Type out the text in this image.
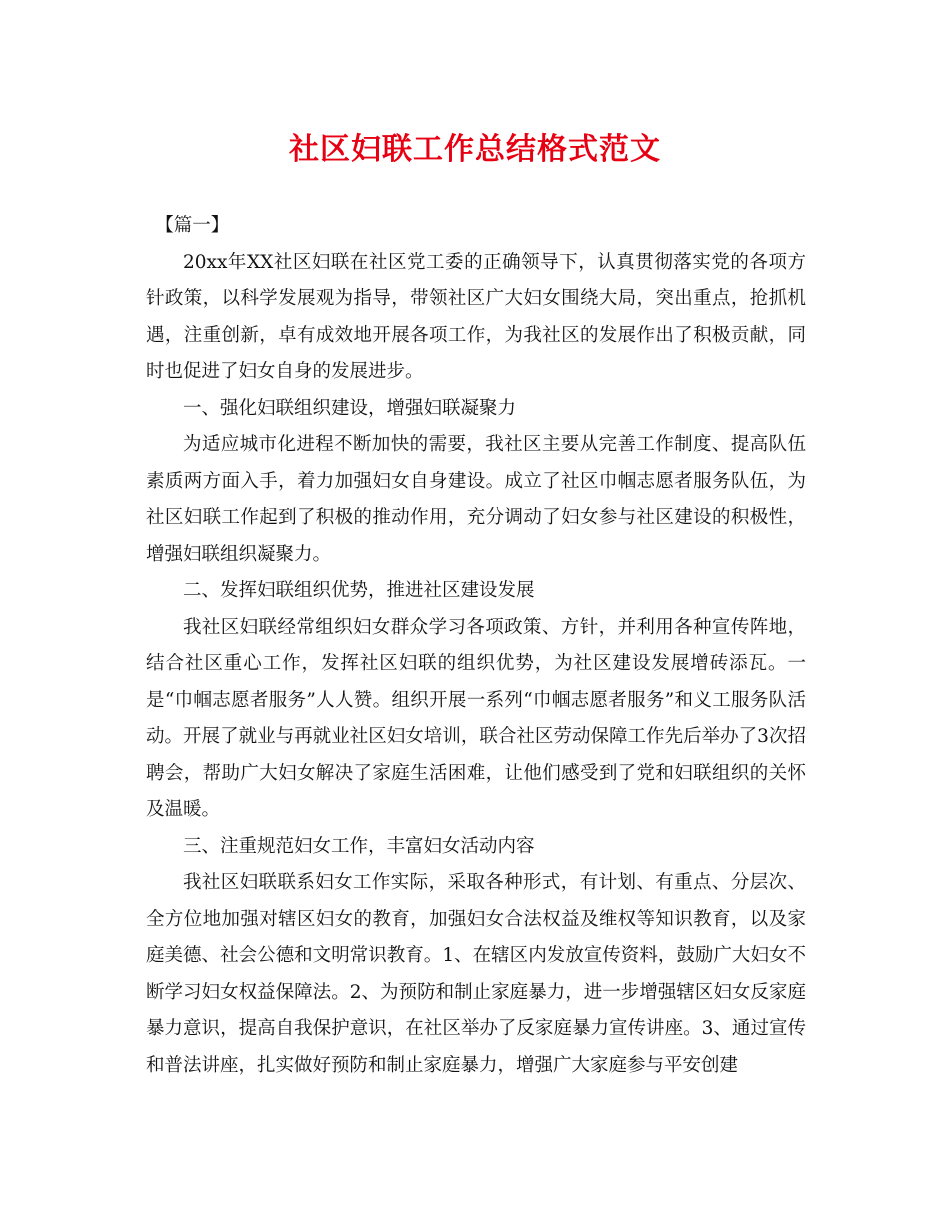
社区妇联工作总结格式范文

【篇一】

20xx年XX社区妇联在社区党工委的正确领导下，认真贯彻落实党的各项方针政策，以科学发展观为指导，带领社区广大妇女围绕大局，突出重点，抢抓机遇，注重创新，卓有成效地开展各项工作，为我社区的发展作出了积极贡献，同时也促进了妇女自身的发展进步。

一、强化妇联组织建设，增强妇联凝聚力

为适应城市化进程不断加快的需要，我社区主要从完善工作制度、提高队伍素质两方面入手，着力加强妇女自身建设。成立了社区巾帼志愿者服务队伍，为社区妇联工作起到了积极的推动作用，充分调动了妇女参与社区建设的积极性，增强妇联组织凝聚力。

二、发挥妇联组织优势，推进社区建设发展

我社区妇联经常组织妇女群众学习各项政策、方针，并利用各种宣传阵地，结合社区重心工作，发挥社区妇联的组织优势，为社区建设发展增砖添瓦。一是“巾帼志愿者服务”人人赞。组织开展一系列“巾帼志愿者服务”和义工服务队活动。开展了就业与再就业社区妇女培训，联合社区劳动保障工作先后举办了3次招聘会，帮助广大妇女解决了家庭生活困难，让他们感受到了党和妇联组织的关怀及温暖。

三、注重规范妇女工作，丰富妇女活动内容

我社区妇联联系妇女工作实际，采取各种形式，有计划、有重点、分层次、全方位地加强对辖区妇女的教育，加强妇女合法权益及维权等知识教育，以及家庭美德、社会公德和文明常识教育。1、在辖区内发放宣传资料，鼓励广大妇女不断学习妇女权益保障法。2、为预防和制止家庭暴力，进一步增强辖区妇女反家庭暴力意识，提高自我保护意识，在社区举办了反家庭暴力宣传讲座。3、通过宣传和普法讲座，扎实做好预防和制止家庭暴力，增强广大家庭参与平安创建
